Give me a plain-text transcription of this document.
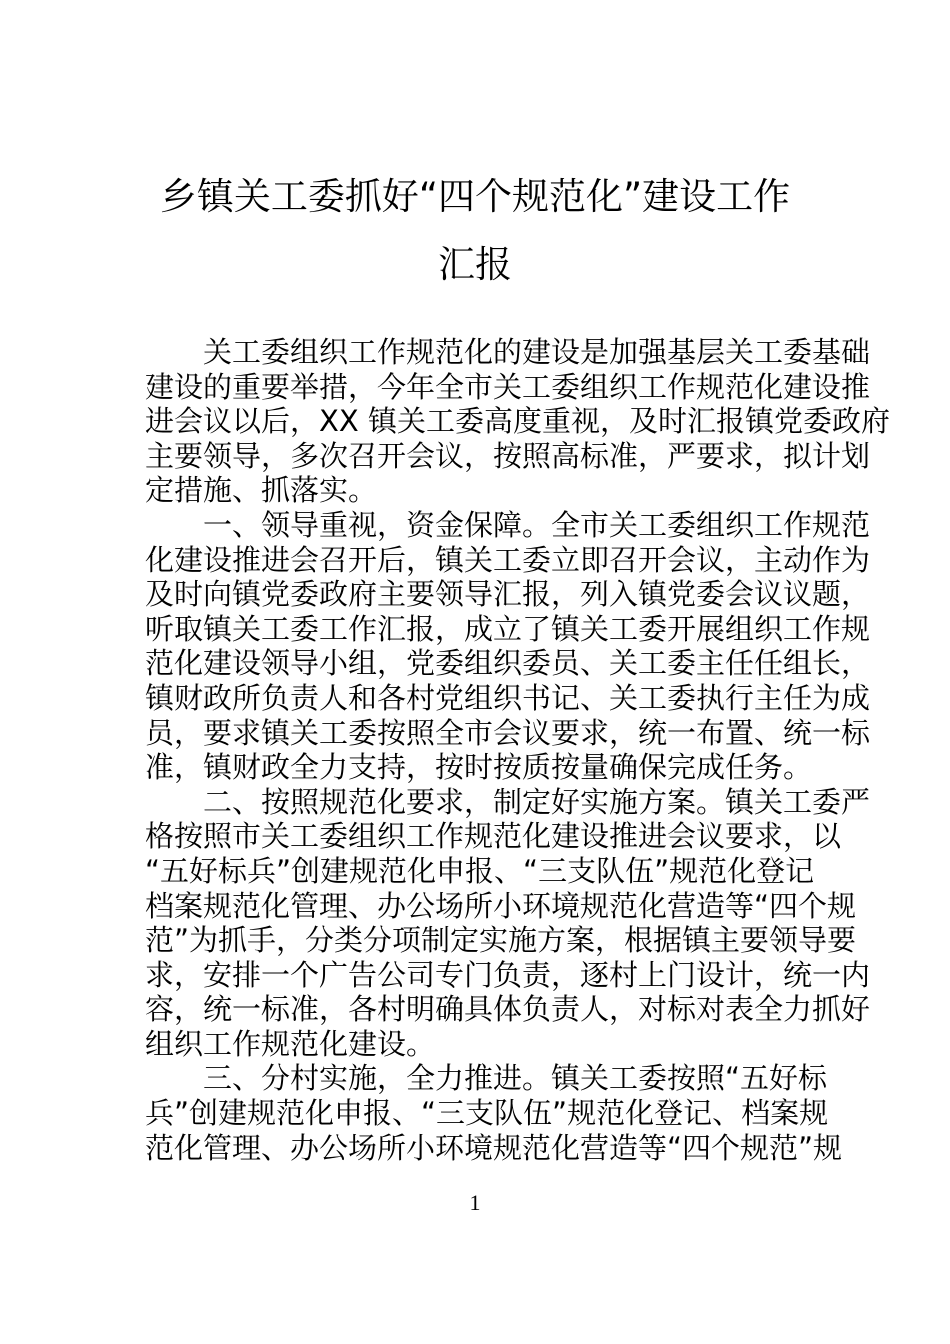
乡镇关工委抓好“四个规范化”建设工作
汇报
关工委组织工作规范化的建设是加强基层关工委基础
建设的重要举措，今年全市关工委组织工作规范化建设推
进会议以后，XX 镇关工委高度重视，及时汇报镇党委政府
主要领导，多次召开会议，按照高标准，严要求，拟计划
定措施、抓落实。
一、领导重视，资金保障。全市关工委组织工作规范
化建设推进会召开后，镇关工委立即召开会议，主动作为
及时向镇党委政府主要领导汇报，列入镇党委会议议题，
听取镇关工委工作汇报，成立了镇关工委开展组织工作规
范化建设领导小组，党委组织委员、关工委主任任组长，
镇财政所负责人和各村党组织书记、关工委执行主任为成
员，要求镇关工委按照全市会议要求，统一布置、统一标
准，镇财政全力支持，按时按质按量确保完成任务。
二、按照规范化要求，制定好实施方案。镇关工委严
格按照市关工委组织工作规范化建设推进会议要求，以
“五好标兵”创建规范化申报、“三支队伍”规范化登记
档案规范化管理、办公场所小环境规范化营造等“四个规
范”为抓手，分类分项制定实施方案，根据镇主要领导要
求，安排一个广告公司专门负责，逐村上门设计，统一内
容，统一标准，各村明确具体负责人，对标对表全力抓好
组织工作规范化建设。
三、分村实施，全力推进。镇关工委按照“五好标
兵”创建规范化申报、“三支队伍”规范化登记、档案规
范化管理、办公场所小环境规范化营造等“四个规范”规
1
